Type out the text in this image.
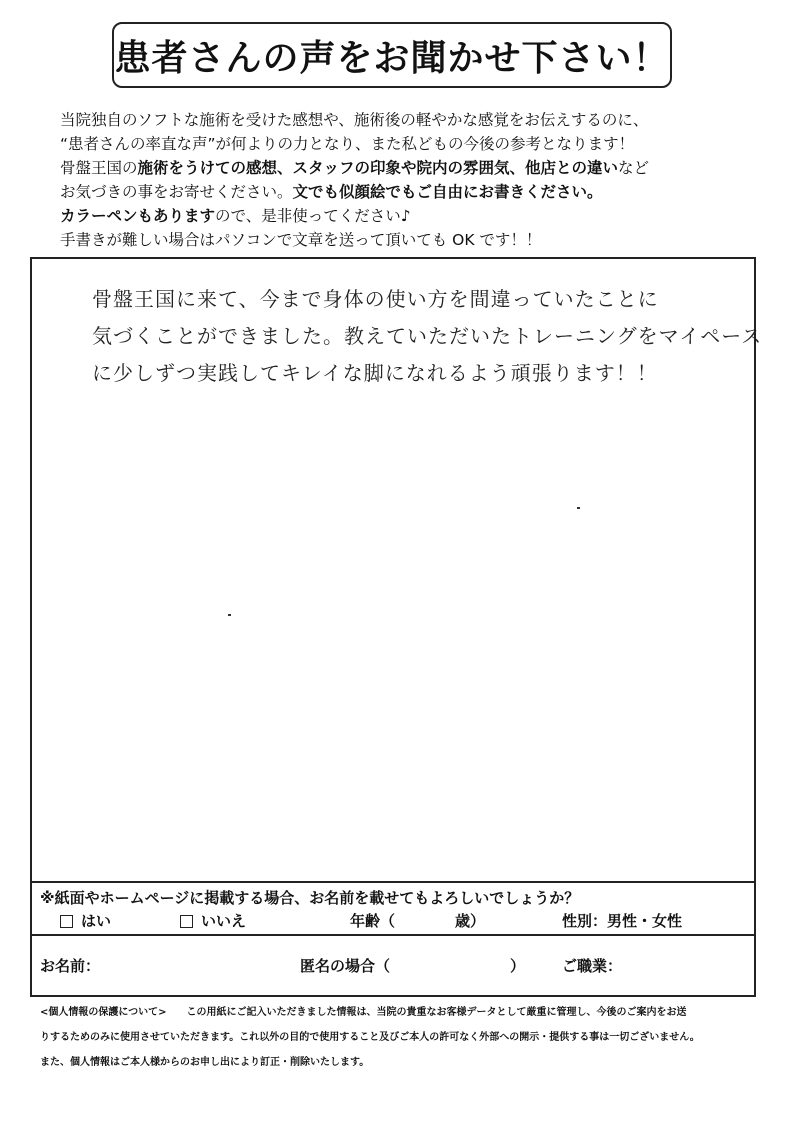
患者さんの声をお聞かせ下さい！
当院独自のソフトな施術を受けた感想や、施術後の軽やかな感覚をお伝えするのに、
“患者さんの率直な声”が何よりの力となり、また私どもの今後の参考となります！
骨盤王国の施術をうけての感想、スタッフの印象や院内の雰囲気、他店との違いなど
お気づきの事をお寄せください。文でも似顔絵でもご自由にお書きください。
カラーペンもありますので、是非使ってください♪
手書きが難しい場合はパソコンで文章を送って頂いても OK です！！
骨盤王国に来て、今まで身体の使い方を間違っていたことに
気づくことができました。教えていただいたトレーニングをマイペース
に少しずつ実践してキレイな脚になれるよう頑張ります！！
※紙面やホームページに掲載する場合、お名前を載せてもよろしいでしょうか？
はい	いいえ	年齢（	歳）	性別：男性・女性
お名前：	匿名の場合（	） ご職業：
<個人情報の保護について>　　この用紙にご記入いただきました情報は、当院の貴重なお客様データとして厳重に管理し、今後のご案内をお送
りするためのみに使用させていただきます。これ以外の目的で使用すること及びご本人の許可なく外部への開示・提供する事は一切ございません。
また、個人情報はご本人様からのお申し出により訂正・削除いたします。
